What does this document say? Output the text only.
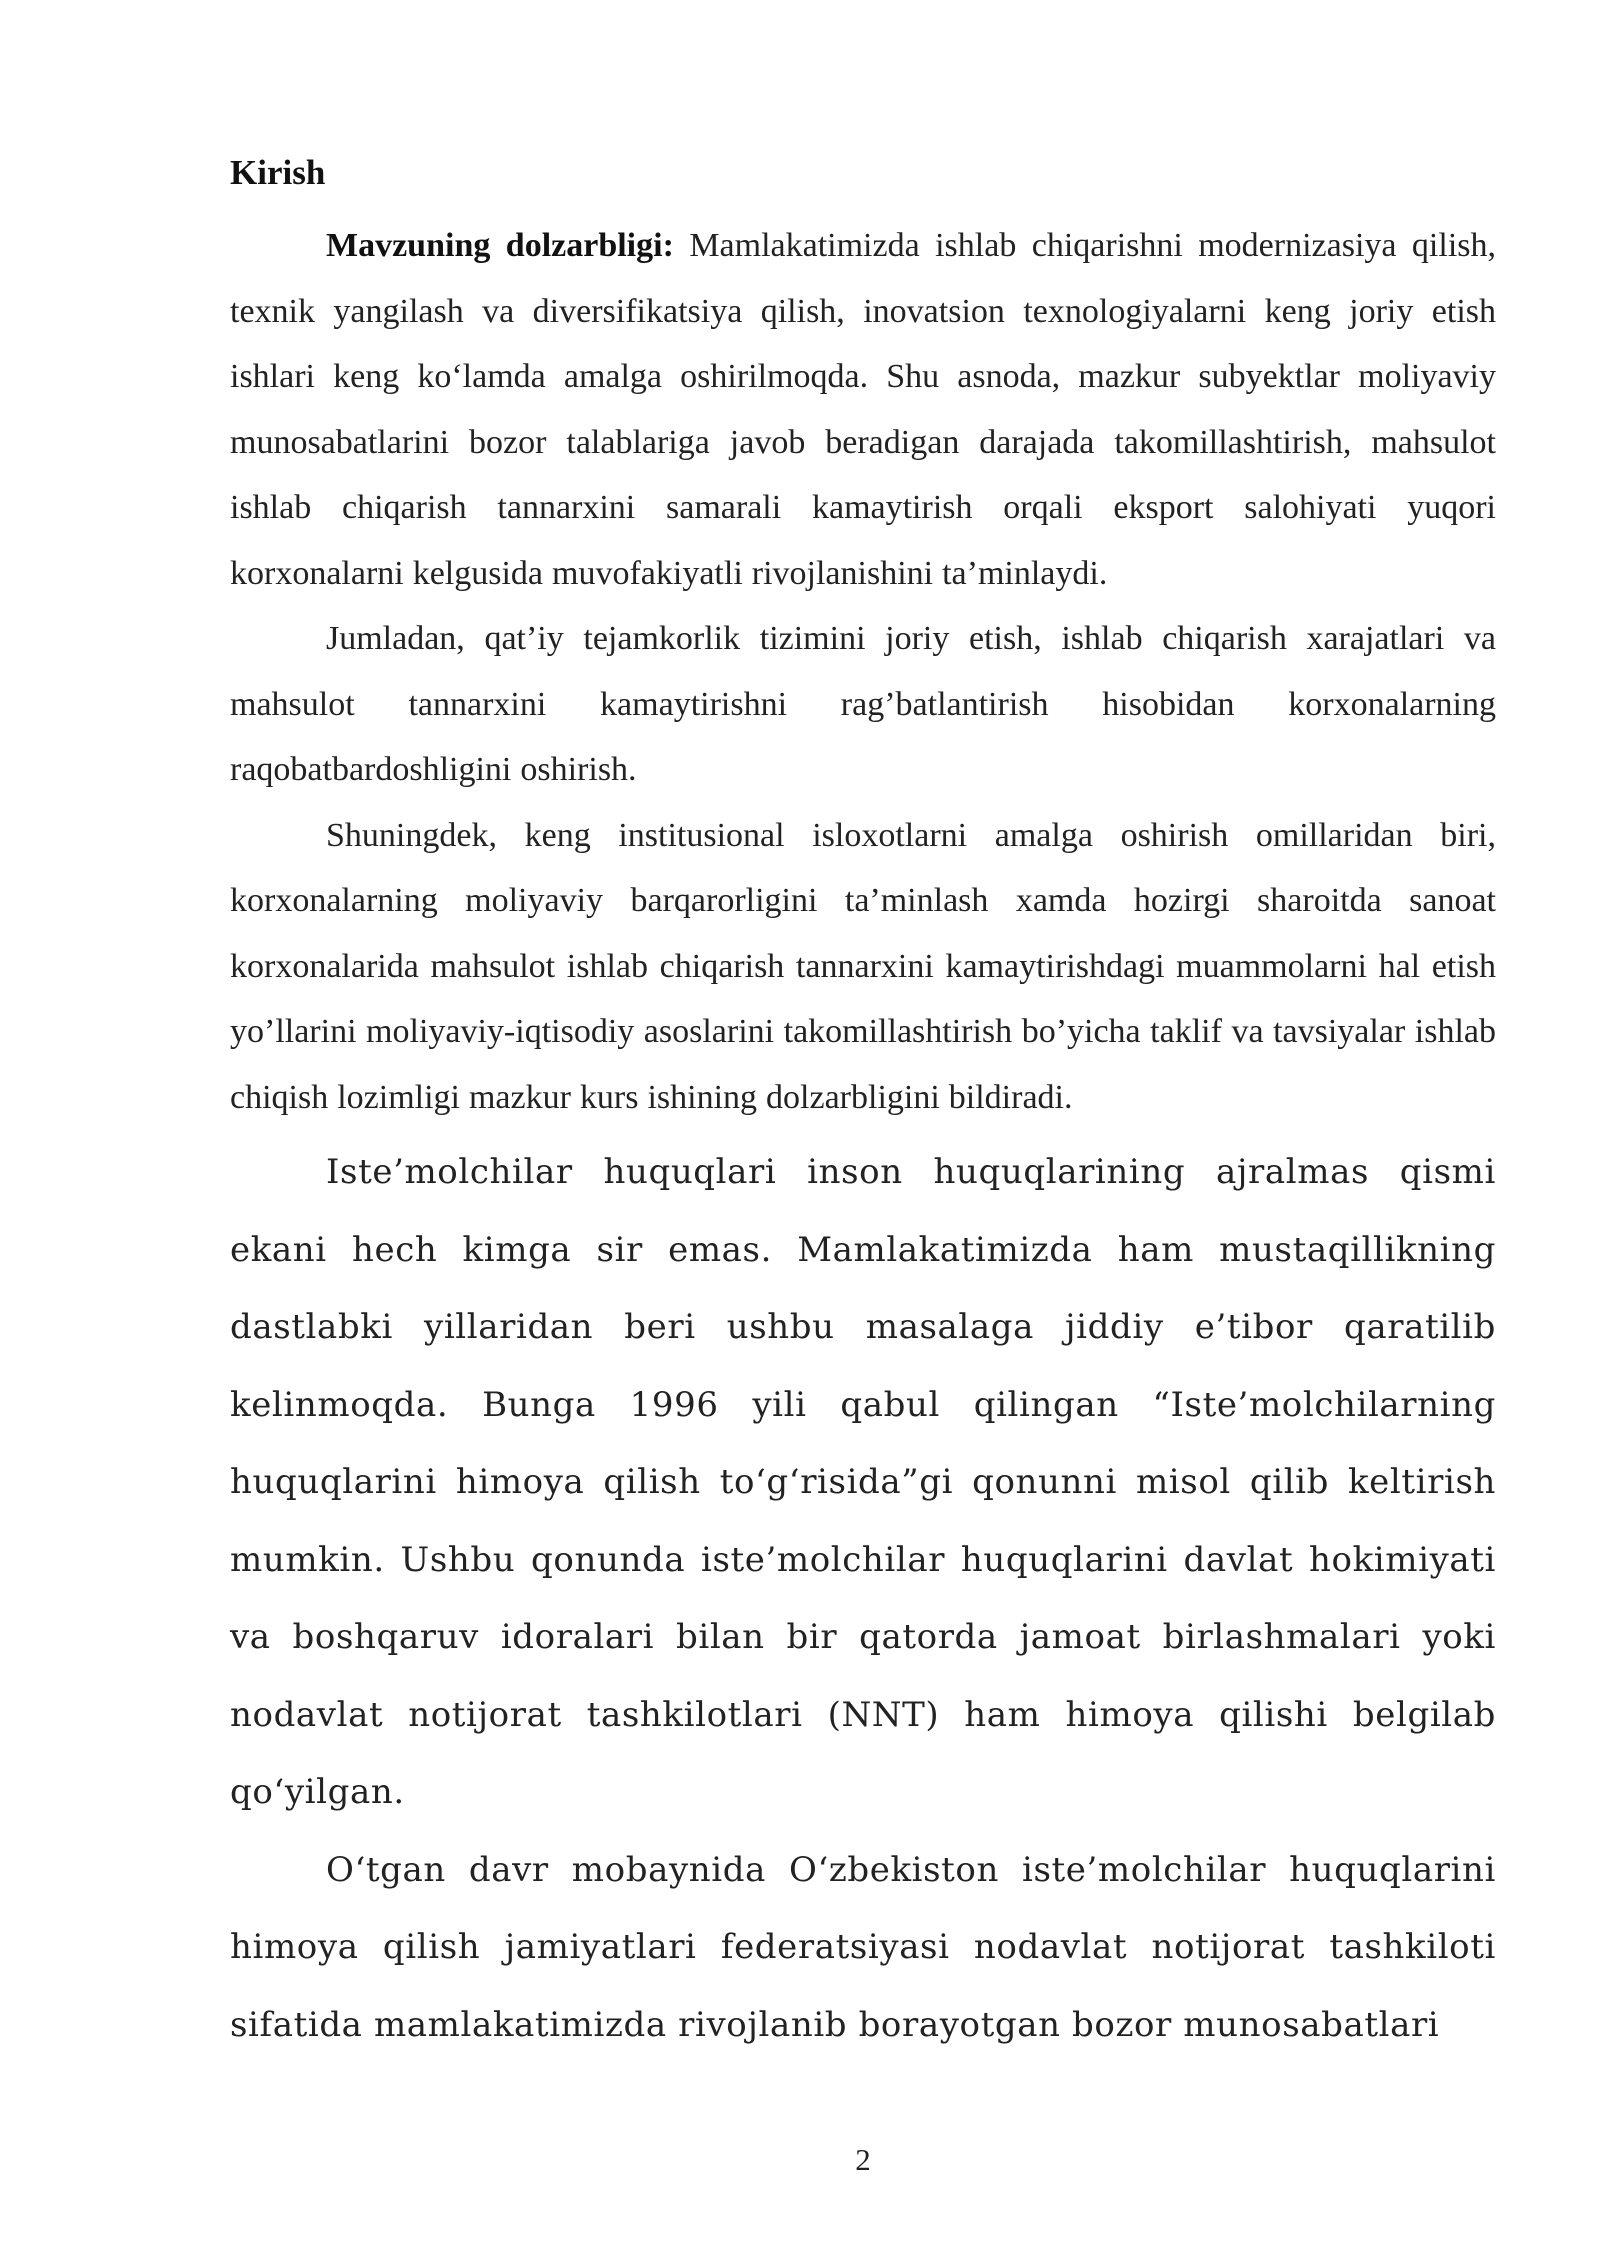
Kirish

Mavzuning dolzarbligi: Mamlakatimizda ishlab chiqarishni modernizasiya qilish, texnik yangilash va diversifikatsiya qilish, inovatsion texnologiyalarni keng joriy etish ishlari keng koʻlamda amalga oshirilmoqda. Shu asnoda, mazkur subyektlar moliyaviy munosabatlarini bozor talablariga javob beradigan darajada takomillashtirish, mahsulot ishlab chiqarish tannarxini samarali kamaytirish orqali eksport salohiyati yuqori korxonalarni kelgusida muvofakiyatli rivojlanishini ta’minlaydi.

Jumladan, qat’iy tejamkorlik tizimini joriy etish, ishlab chiqarish xarajatlari va mahsulot tannarxini kamaytirishni rag’batlantirish hisobidan korxonalarning raqobatbardoshligini oshirish.

Shuningdek, keng institusional isloxotlarni amalga oshirish omillaridan biri, korxonalarning moliyaviy barqarorligini ta’minlash xamda hozirgi sharoitda sanoat korxonalarida mahsulot ishlab chiqarish tannarxini kamaytirishdagi muammolarni hal etish yo’llarini moliyaviy-iqtisodiy asoslarini takomillashtirish bo’yicha taklif va tavsiyalar ishlab chiqish lozimligi mazkur kurs ishining dolzarbligini bildiradi.

Iste’molchilar huquqlari inson huquqlarining ajralmas qismi ekani hech kimga sir emas. Mamlakatimizda ham mustaqillikning dastlabki yillaridan beri ushbu masalaga jiddiy e’tibor qaratilib kelinmoqda. Bunga 1996 yili qabul qilingan “Iste’molchilarning huquqlarini himoya qilish toʻgʻrisida”gi qonunni misol qilib keltirish mumkin. Ushbu qonunda iste’molchilar huquqlarini davlat hokimiyati va boshqaruv idoralari bilan bir qatorda jamoat birlashmalari yoki nodavlat notijorat tashkilotlari (NNT) ham himoya qilishi belgilab qoʻyilgan.

Oʻtgan davr mobaynida Oʻzbekiston iste’molchilar huquqlarini himoya qilish jamiyatlari federatsiyasi nodavlat notijorat tashkiloti sifatida mamlakatimizda rivojlanib borayotgan bozor munosabatlari

2
